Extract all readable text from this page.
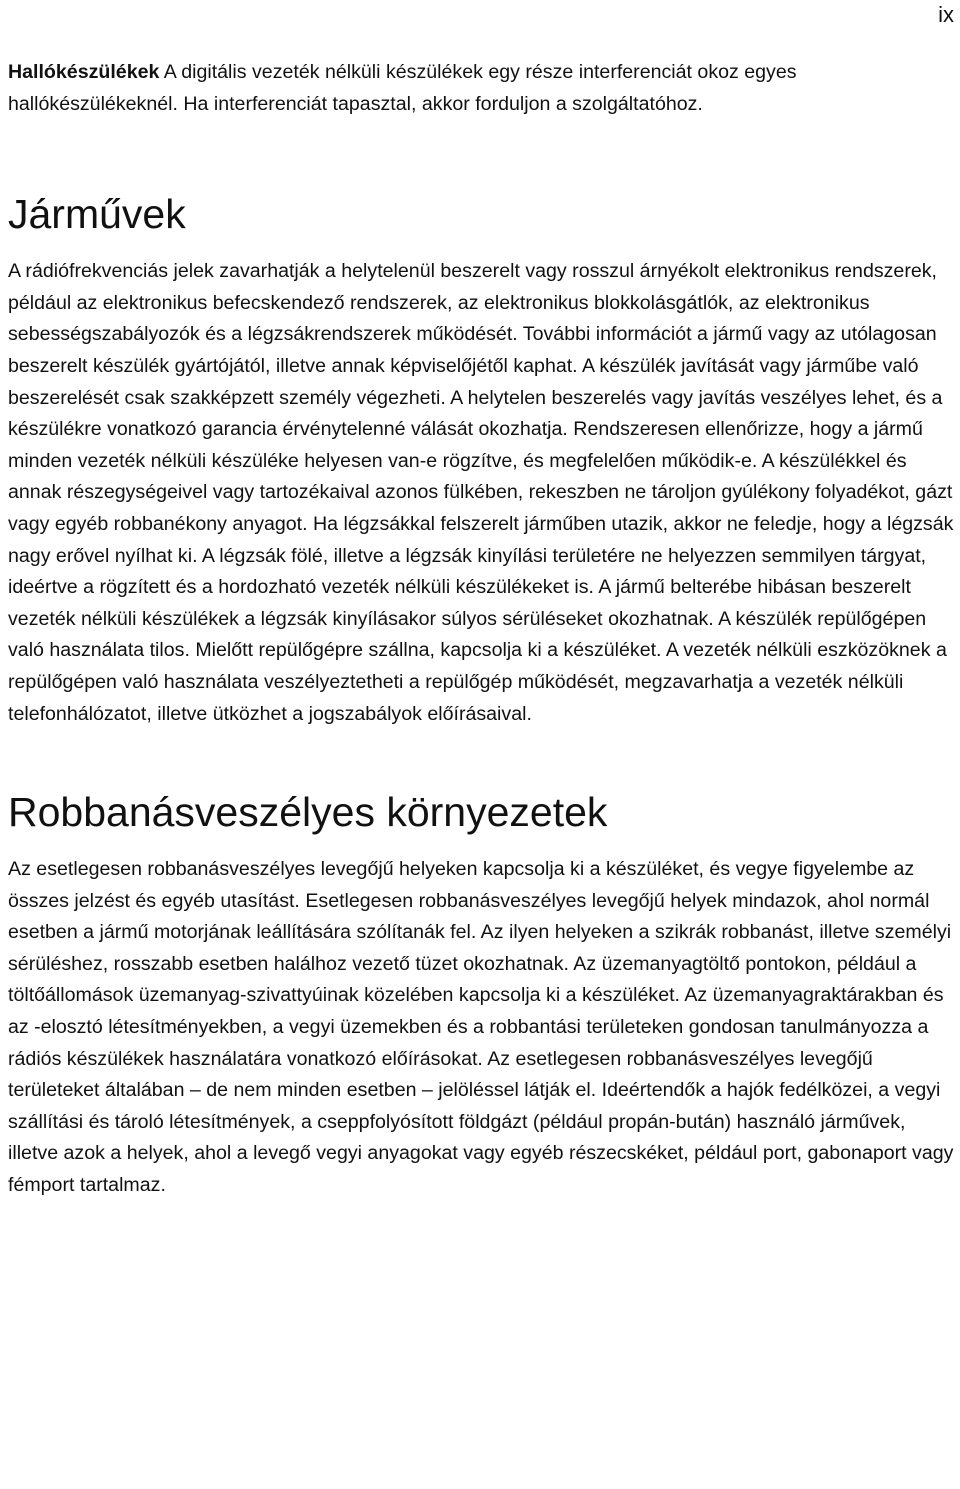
ix

Hallókészülékek A digitális vezeték nélküli készülékek egy része interferenciát okoz egyes hallókészülékeknél. Ha interferenciát tapasztal, akkor forduljon a szolgáltatóhoz.

Járművek

A rádiófrekvenciás jelek zavarhatják a helytelenül beszerelt vagy rosszul árnyékolt elektronikus rendszerek, például az elektronikus befecskendező rendszerek, az elektronikus blokkolásgátlók, az elektronikus sebességszabályozók és a légzsákrendszerek működését. További információt a jármű vagy az utólagosan beszerelt készülék gyártójától, illetve annak képviselőjétől kaphat. A készülék javítását vagy járműbe való beszerelését csak szakképzett személy végezheti. A helytelen beszerelés vagy javítás veszélyes lehet, és a készülékre vonatkozó garancia érvénytelenné válását okozhatja. Rendszeresen ellenőrizze, hogy a jármű minden vezeték nélküli készüléke helyesen van-e rögzítve, és megfelelően működik-e. A készülékkel és annak részegységeivel vagy tartozékaival azonos fülkében, rekeszben ne tároljon gyúlékony folyadékot, gázt vagy egyéb robbanékony anyagot. Ha légzsákkal felszerelt járműben utazik, akkor ne feledje, hogy a légzsák nagy erővel nyílhat ki. A légzsák fölé, illetve a légzsák kinyílási területére ne helyezzen semmilyen tárgyat, ideértve a rögzített és a hordozható vezeték nélküli készülékeket is. A jármű belterébe hibásan beszerelt vezeték nélküli készülékek a légzsák kinyílásakor súlyos sérüléseket okozhatnak. A készülék repülőgépen való használata tilos. Mielőtt repülőgépre szállna, kapcsolja ki a készüléket. A vezeték nélküli eszközöknek a repülőgépen való használata veszélyeztetheti a repülőgép működését, megzavarhatja a vezeték nélküli telefonhálózatot, illetve ütközhet a jogszabályok előírásaival.

Robbanásveszélyes környezetek

Az esetlegesen robbanásveszélyes levegőjű helyeken kapcsolja ki a készüléket, és vegye figyelembe az összes jelzést és egyéb utasítást. Esetlegesen robbanásveszélyes levegőjű helyek mindazok, ahol normál esetben a jármű motorjának leállítására szólítanák fel. Az ilyen helyeken a szikrák robbanást, illetve személyi sérüléshez, rosszabb esetben halálhoz vezető tüzet okozhatnak. Az üzemanyagtöltő pontokon, például a töltőállomások üzemanyag-szivattyúinak közelében kapcsolja ki a készüléket. Az üzemanyagraktárakban és az -elosztó létesítményekben, a vegyi üzemekben és a robbantási területeken gondosan tanulmányozza a rádiós készülékek használatára vonatkozó előírásokat. Az esetlegesen robbanásveszélyes levegőjű területeket általában – de nem minden esetben – jelöléssel látják el. Ideértendők a hajók fedélközei, a vegyi szállítási és tároló létesítmények, a cseppfolyósított földgázt (például propán-bután) használó járművek, illetve azok a helyek, ahol a levegő vegyi anyagokat vagy egyéb részecskéket, például port, gabonaport vagy fémport tartalmaz.
